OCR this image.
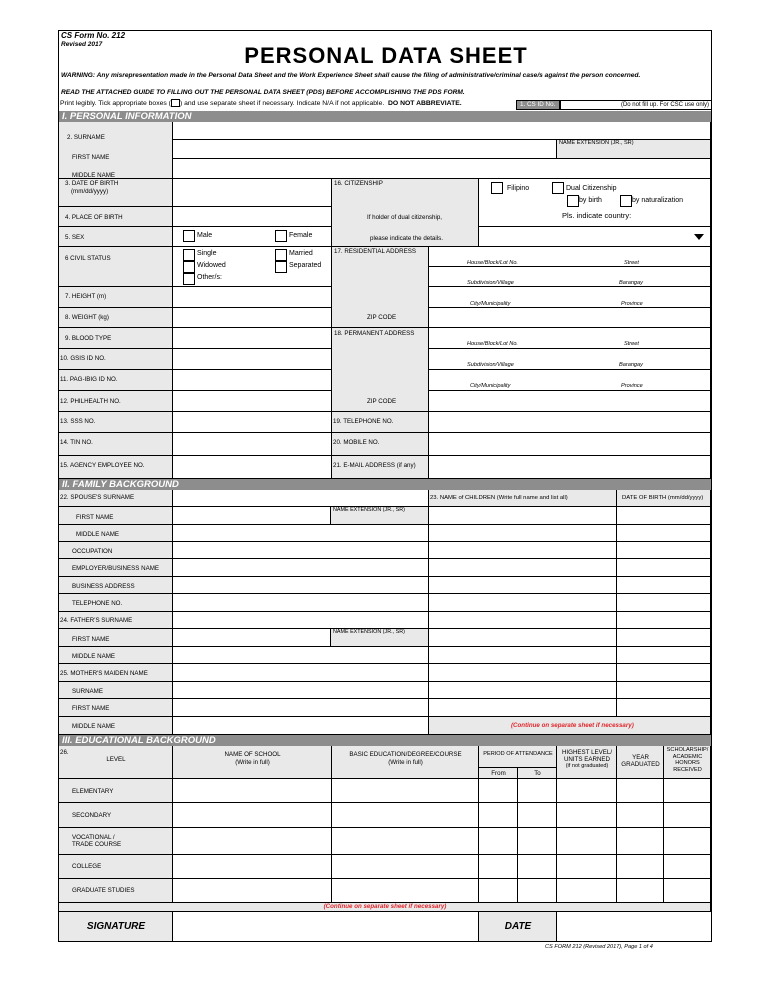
CS Form No. 212
Revised 2017	PERSONAL DATA SHEET
WARNING: Any misrepresentation made in the Personal Data Sheet and the Work Experience Sheet shall cause the filing of administrative/criminal case/s against the person concerned.
READ THE ATTACHED GUIDE TO FILLING OUT THE PERSONAL DATA SHEET (PDS) BEFORE ACCOMPLISHING THE PDS FORM.
Print legibly. Tick appropriate boxes ( ) and use separate sheet if necessary. Indicate N/A if not applicable. DO NOT ABBREVIATE.	1. CS ID No.	(Do not fill up. For CSC use only)
I. PERSONAL INFORMATION
2. SURNAME
FIRST NAME
MIDDLE NAME
NAME EXTENSION (JR., SR)
3. DATE OF BIRTH
(mm/dd/yyyy)
4. PLACE OF BIRTH
5. SEX	Male	Female
6 CIVIL STATUS
Single	Married
Widowed	Separated
Other/s:
7. HEIGHT (m)
8. WEIGHT (kg)
9. BLOOD TYPE
10. GSIS ID NO.
11. PAG-IBIG ID NO.
12. PHILHEALTH NO.
13. SSS NO.
14. TIN NO.
15. AGENCY EMPLOYEE NO.
16. CITIZENSHIP
If holder of dual citizenship,
please indicate the details.
Filipino	Dual Citizenship
by birth	by naturalization
Pls. indicate country:
17. RESIDENTIAL ADDRESS
House/Block/Lot No.	Street
Subdivision/Village	Barangay
City/Municipality	Province
ZIP CODE
18. PERMANENT ADDRESS
House/Block/Lot No.	Street
Subdivision/Village	Barangay
City/Municipality	Province
ZIP CODE
19. TELEPHONE NO.
20. MOBILE NO.
21. E-MAIL ADDRESS (if any)
II. FAMILY BACKGROUND
22. SPOUSE'S SURNAME
FIRST NAME
NAME EXTENSION (JR., SR)
MIDDLE NAME
OCCUPATION
EMPLOYER/BUSINESS NAME
BUSINESS ADDRESS
TELEPHONE NO.
24. FATHER'S SURNAME
FIRST NAME
NAME EXTENSION (JR., SR)
MIDDLE NAME
25. MOTHER'S MAIDEN NAME
SURNAME
FIRST NAME
MIDDLE NAME
23. NAME of CHILDREN (Write full name and list all)	DATE OF BIRTH (mm/dd/yyyy)
(Continue on separate sheet if necessary)
III. EDUCATIONAL BACKGROUND
26.
LEVEL
NAME OF SCHOOL
(Write in full)
BASIC EDUCATION/DEGREE/COURSE
(Write in full)
PERIOD OF ATTENDANCE
From	To
HIGHEST LEVEL/
UNITS EARNED
(if not graduated)
YEAR
GRADUATED
SCHOLARSHIP/
ACADEMIC
HONORS
RECEIVED
ELEMENTARY
SECONDARY
VOCATIONAL /
TRADE COURSE
COLLEGE
GRADUATE STUDIES
(Continue on separate sheet if necessary)
SIGNATURE	DATE
CS FORM 212 (Revised 2017), Page 1 of 4
